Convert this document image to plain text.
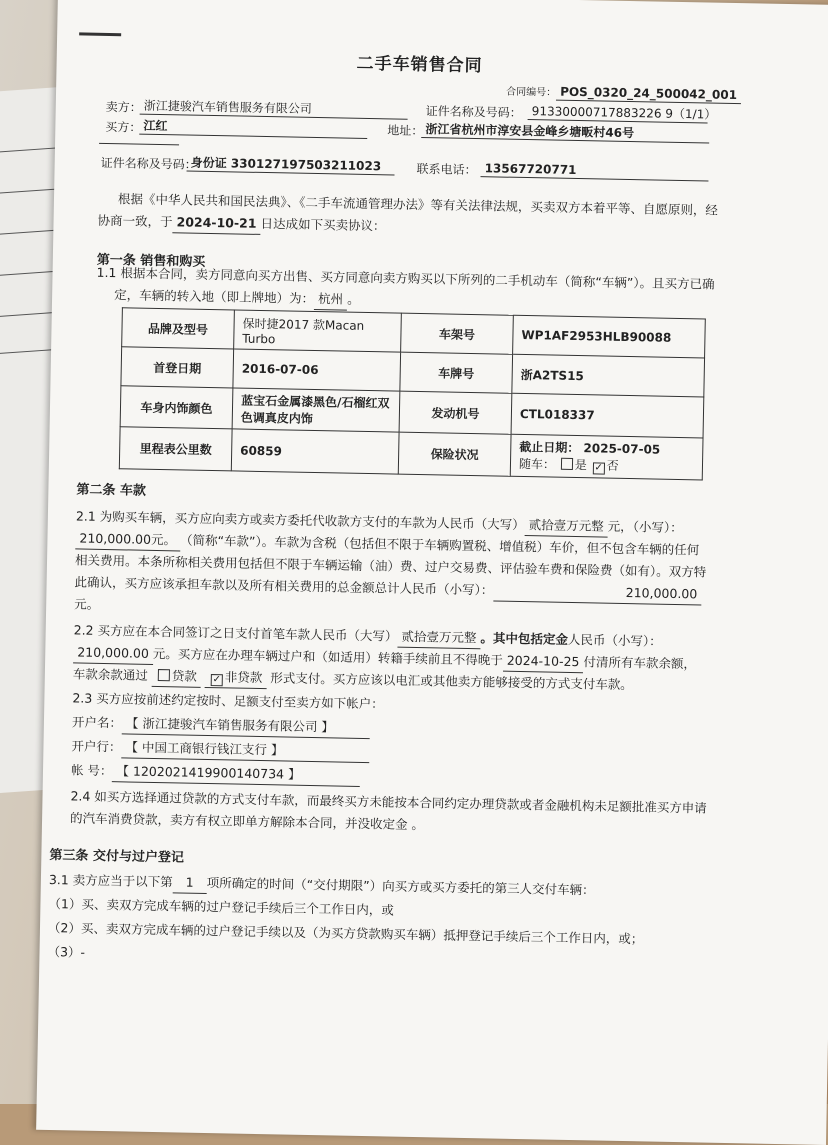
二手车销售合同
合同编号： POS_0320_24_500042_001
卖方： 浙江捷骏汽车销售服务有限公司	证件名称及号码： 91330000717883226 9（1/1）
买方： 江红	地址： 浙江省杭州市淳安县金峰乡塘畈村46号
证件名称及号码：
身份证 330127197503211023	联系电话： 13567720771
根据《中华人民共和国民法典》、《二手车流通管理办法》等有关法律法规，买卖双方本着平等、自愿原则，经
协商一致，于 2024-10-21 日达成如下买卖协议：
第一条 销售和购买
1.1 根据本合同，卖方同意向买方出售、买方同意向卖方购买以下所列的二手机动车（简称“车辆”）。且买方已确
定，车辆的转入地（即上牌地）为： 杭州 。
品牌及型号	保时捷2017 款Macan Turbo	车架号	WP1AF2953HLB90088
首登日期	2016-07-06	车牌号	浙A2TS15
车身内饰颜色	蓝宝石金属漆黑色/石榴红双色调真皮内饰	发动机号	CTL018337
里程表公里数	60859	保险状况	截止日期： 2025-07-05
随车： 是 ✓ 否
第二条 车款
2.1 为购买车辆，买方应向卖方或卖方委托代收款方支付的车款为人民币（大写） 贰拾壹万元整 元，（小写）：
210,000.00元。 （简称“车款”）。车款为含税（包括但不限于车辆购置税、增值税）车价，但不包含车辆的任何
相关费用。本条所称相关费用包括但不限于车辆运输（油）费、过户交易费、评估验车费和保险费（如有）。双方特
此确认，买方应该承担车款以及所有相关费用的总金额总计人民币（小写）：	210,000.00
元。
2.2 买方应在本合同签订之日支付首笔车款人民币（大写） 贰拾壹万元整 。其中包括定金人民币（小写）：
210,000.00 元。买方应在办理车辆过户和（如适用）转籍手续前且不得晚于 2024-10-25 付清所有车款余额，
车款余款通过 贷款 ✓ 非贷款 形式支付。买方应该以电汇或其他卖方能够接受的方式支付车款。
2.3 买方应按前述约定按时、足额支付至卖方如下帐户：
开户名： 【 浙江捷骏汽车销售服务有限公司 】
开户行： 【 中国工商银行钱江支行 】
帐 号： 【 1202021419900140734 】
2.4 如买方选择通过贷款的方式支付车款，而最终买方未能按本合同约定办理贷款或者金融机构未足额批准买方申请
的汽车消费贷款，卖方有权立即单方解除本合同，并没收定金 。
第三条 交付与过户登记
3.1 卖方应当于以下第 1 项所确定的时间（“交付期限”）向买方或买方委托的第三人交付车辆：
（1）买、卖双方完成车辆的过户登记手续后三个工作日内，或
（2）买、卖双方完成车辆的过户登记手续以及（为买方贷款购买车辆）抵押登记手续后三个工作日内，或；
（3）-
